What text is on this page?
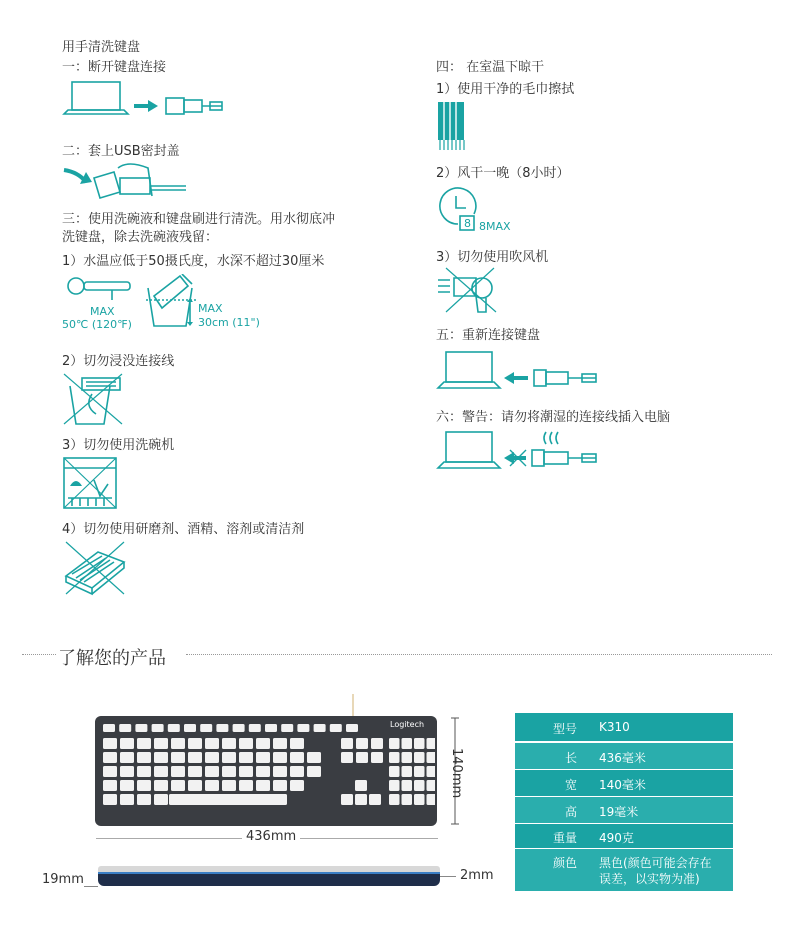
用手清洗键盘
一：断开键盘连接
二：套上USB密封盖
三：使用洗碗液和键盘刷进行清洗。用水彻底冲
洗键盘，除去洗碗液残留：
1）水温应低于50摄氏度，水深不超过30厘米
MAX
50℃ (120℉)
MAX
30cm (11")
2）切勿浸没连接线
3）切勿使用洗碗机
4）切勿使用研磨剂、酒精、溶剂或清洁剂
四： 在室温下晾干
1）使用干净的毛巾擦拭
2）风干一晚（8小时）
8 8MAX
3）切勿使用吹风机
五：重新连接键盘
六：警告：请勿将潮湿的连接线插入电脑
了解您的产品
Logitech
140mm
436mm
19mm	2mm
型号 K310
长 436毫米
宽 140毫米
高 19毫米
重量 490克
颜色 黑色(颜色可能会存在
误差，以实物为准)
